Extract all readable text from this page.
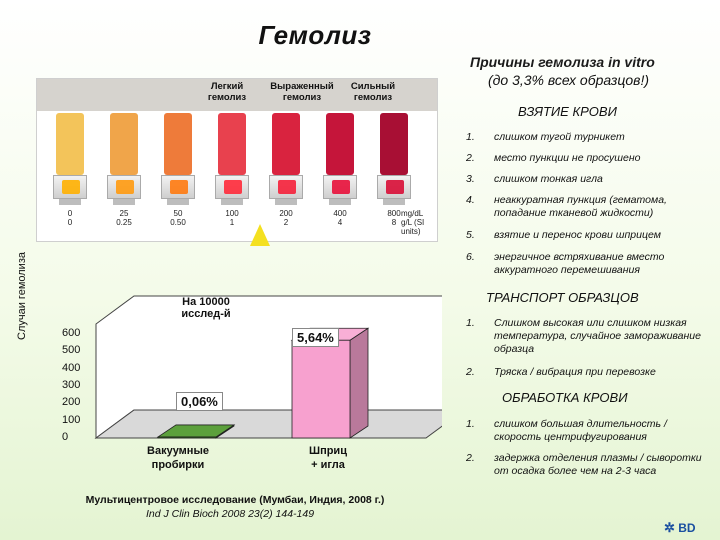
Гемолиз
Причины гемолиза in vitro
(до 3,3% всех образцов!)
Легкий гемолиз
Выраженный гемолиз
Сильный гемолиз
0
0
25
0.25
50
0.50
100
1
200
2
400
4
800
8
mg/dL
g/L (SI units)
Случаи гемолиза
0
100
200
300
400
500
600
На 10000
исслед-й
5,64%
0,06%
Вакуумные
пробирки
Шприц
+ игла
Мультицентровое исследование (Мумбаи, Индия, 2008 г.)
Ind J Clin Bioch 2008 23(2) 144-149
ВЗЯТИЕ КРОВИ
1. слишком тугой турникет
2. место пункции не просушено
3. слишком тонкая игла
4. неаккуратная пункция (гематома, попадание тканевой жидкости)
5. взятие и перенос крови шприцем
6. энергичное встряхивание вместо аккуратного перемешивания
ТРАНСПОРТ ОБРАЗЦОВ
1. Слишком высокая или слишком низкая температура, случайное замораживание образца
2. Тряска / вибрация при перевозке
ОБРАБОТКА КРОВИ
1. слишком большая длительность / скорость центрифугирования
2. задержка отделения плазмы / сыворотки от осадка более чем на 2-3 часа
✲ BD
